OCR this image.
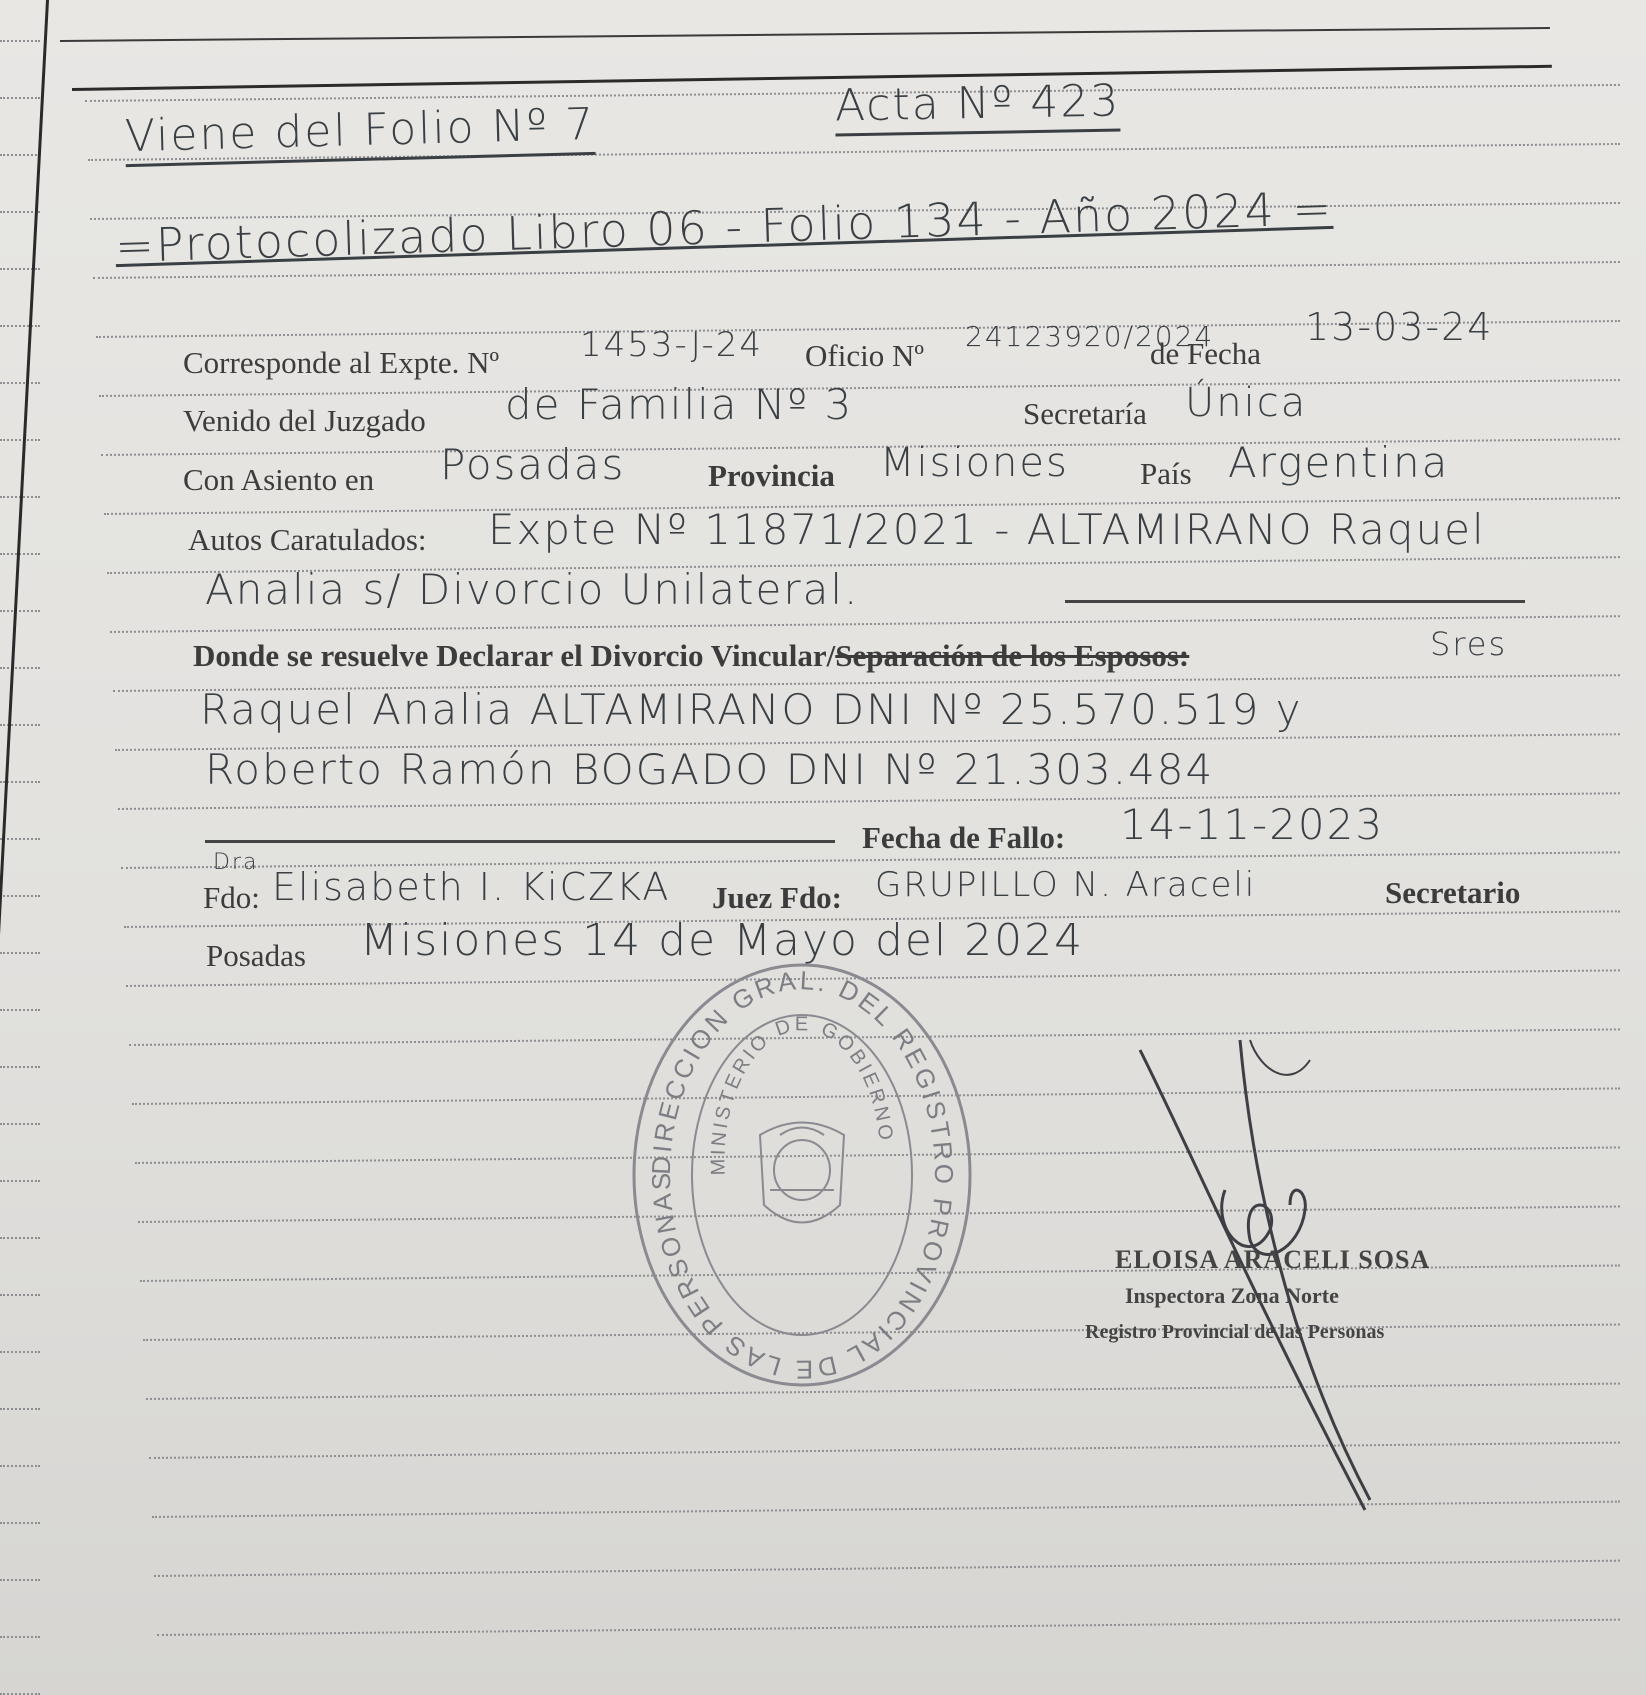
Viene del Folio Nº 7	Acta Nº 423
=Protocolizado Libro 06 - Folio 134 - Año 2024 =
Corresponde al Expte. Nº 1453-J-24 Oficio Nº
24123920/2024
de Fecha
13-03-24
Venido del Juzgado de Familia Nº 3	Secretaría Única
Con Asiento en Posadas	Provincia Misiones País Argentina
Autos Caratulados: Expte Nº 11871/2021 - ALTAMIRANO Raquel
Analia s/ Divorcio Unilateral.
Donde se resuelve Declarar el Divorcio Vincular/Separación de los Esposos:	Sres
Raquel Analia ALTAMIRANO DNI Nº 25.570.519 y
Roberto Ramón BOGADO DNI Nº 21.303.484
Fecha de Fallo: 14-11-2023
Dra
Fdo: Elisabeth I. KiCZKA Juez Fdo: GRUPILLO N. Araceli	Secretario
Posadas Misiones 14 de Mayo del 2024
DIRECCION GRAL. DEL REGISTRO PROVINCIAL DE LAS PERSONAS
MINISTERIO DE GOBIERNO
ELOISA ARACELI SOSA
Inspectora Zona Norte
Registro Provincial de las Personas
